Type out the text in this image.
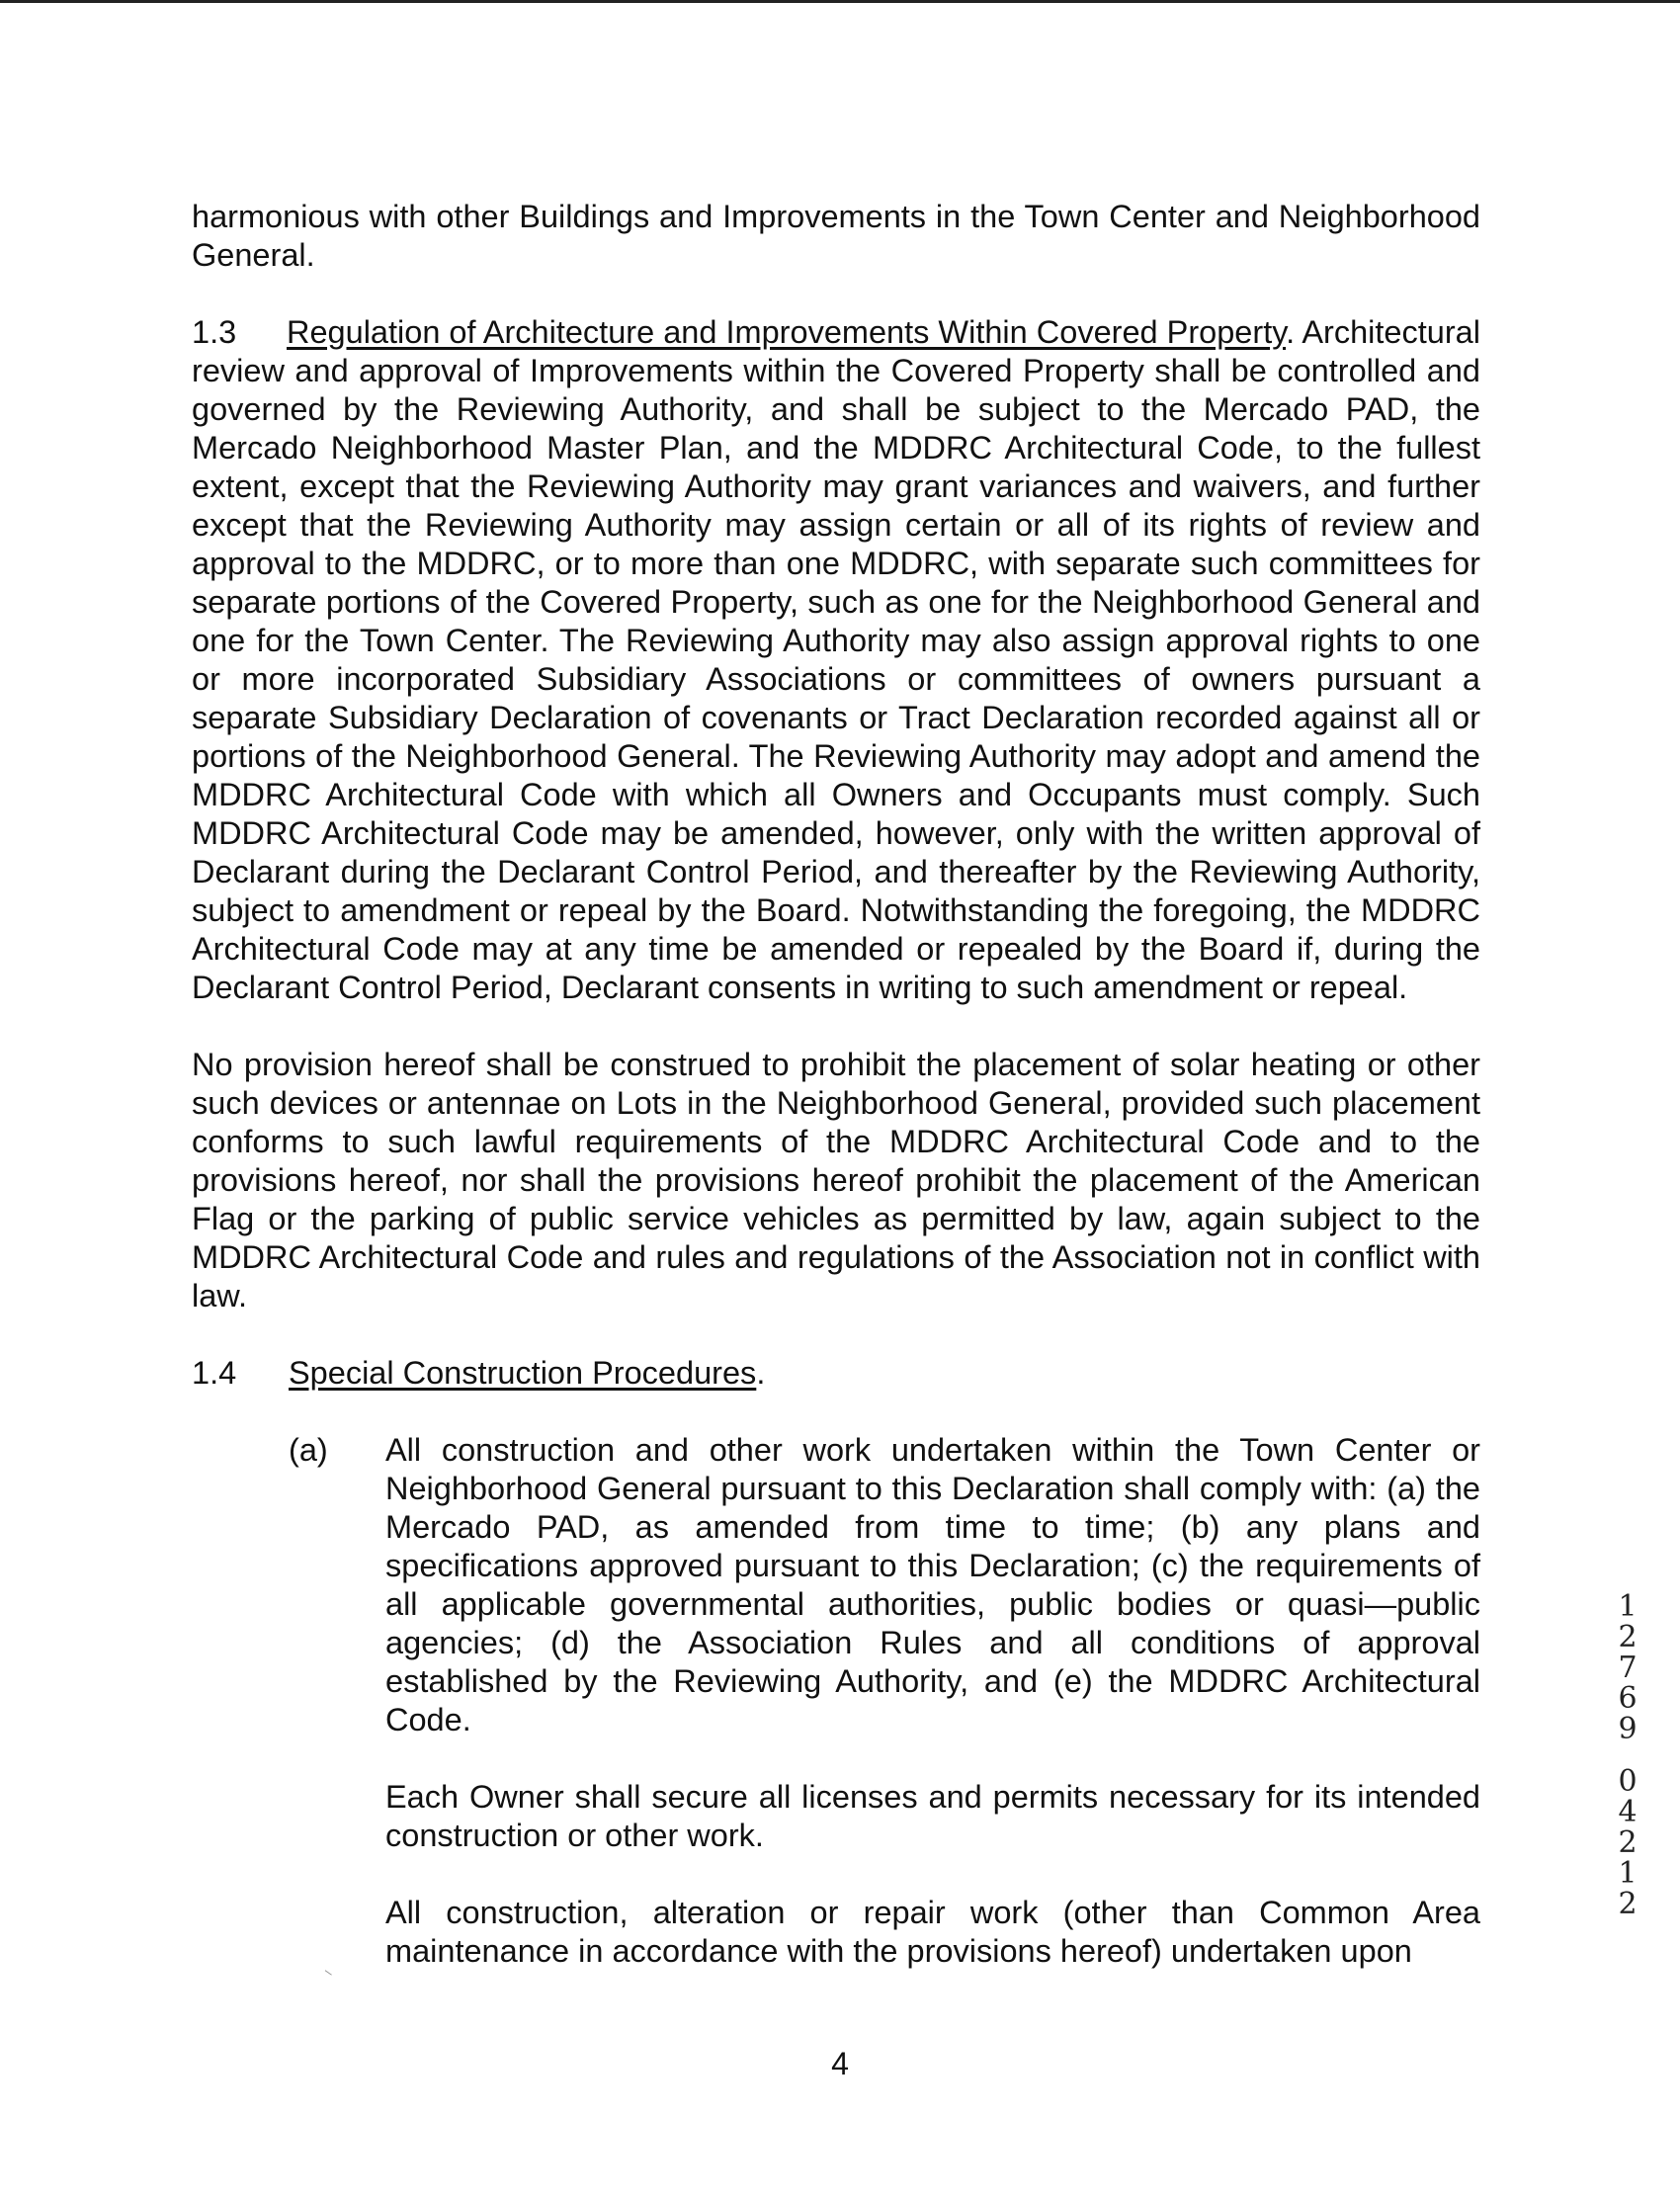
harmonious with other Buildings and Improvements in the Town Center and Neighborhood General.

1.3 Regulation of Architecture and Improvements Within Covered Property. Architectural review and approval of Improvements within the Covered Property shall be controlled and governed by the Reviewing Authority, and shall be subject to the Mercado PAD, the Mercado Neighborhood Master Plan, and the MDDRC Architectural Code, to the fullest extent, except that the Reviewing Authority may grant variances and waivers, and further except that the Reviewing Authority may assign certain or all of its rights of review and approval to the MDDRC, or to more than one MDDRC, with separate such committees for separate portions of the Covered Property, such as one for the Neighborhood General and one for the Town Center. The Reviewing Authority may also assign approval rights to one or more incorporated Subsidiary Associations or committees of owners pursuant a separate Subsidiary Declaration of covenants or Tract Declaration recorded against all or portions of the Neighborhood General. The Reviewing Authority may adopt and amend the MDDRC Architectural Code with which all Owners and Occupants must comply. Such MDDRC Architectural Code may be amended, however, only with the written approval of Declarant during the Declarant Control Period, and thereafter by the Reviewing Authority, subject to amendment or repeal by the Board. Notwithstanding the foregoing, the MDDRC Architectural Code may at any time be amended or repealed by the Board if, during the Declarant Control Period, Declarant consents in writing to such amendment or repeal.

No provision hereof shall be construed to prohibit the placement of solar heating or other such devices or antennae on Lots in the Neighborhood General, provided such placement conforms to such lawful requirements of the MDDRC Architectural Code and to the provisions hereof, nor shall the provisions hereof prohibit the placement of the American Flag or the parking of public service vehicles as permitted by law, again subject to the MDDRC Architectural Code and rules and regulations of the Association not in conflict with law.

1.4 Special Construction Procedures.

(a)	All construction and other work undertaken within the Town Center or Neighborhood General pursuant to this Declaration shall comply with: (a) the Mercado PAD, as amended from time to time; (b) any plans and specifications approved pursuant to this Declaration; (c) the requirements of all applicable governmental authorities, public bodies or quasi—public agencies; (d) the Association Rules and all conditions of approval established by the Reviewing Authority, and (e) the MDDRC Architectural Code.

Each Owner shall secure all licenses and permits necessary for its intended construction or other work.

All construction, alteration or repair work (other than Common Area maintenance in accordance with the provisions hereof) undertaken upon

1
2
7
6
9
0
4
2
1
2
4
